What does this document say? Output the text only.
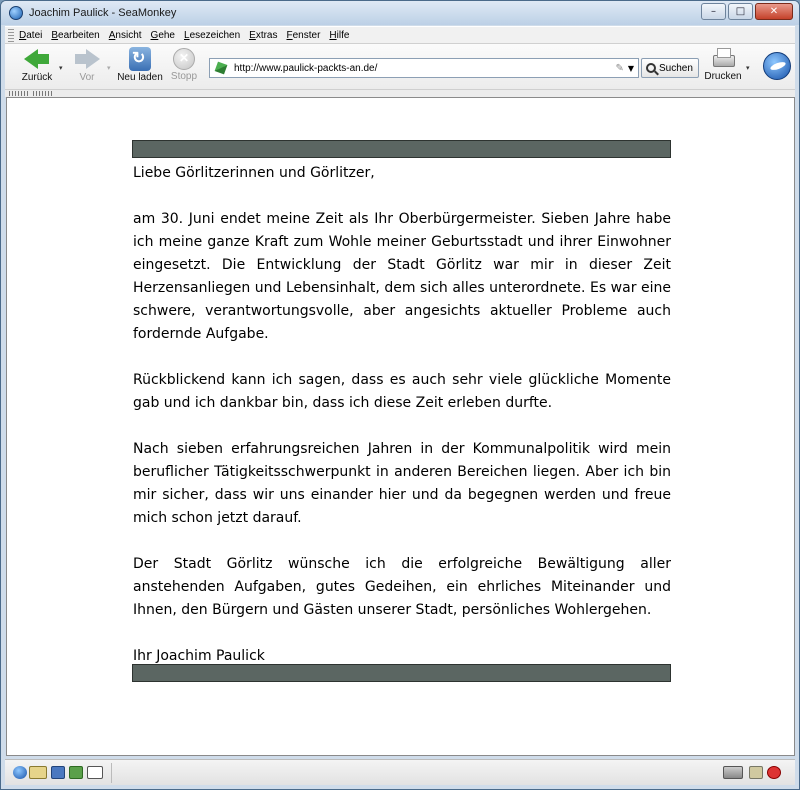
Joachim Paulick - SeaMonkey	–	□	✕
Datei Bearbeiten Ansicht Gehe Lesezeichen Extras Fenster Hilfe
Zurück
▾
Vor
▾
↻
Neu laden
✕ Stopp
http://www.paulick-packts-an.de/	✎ ▼	Suchen
Drucken
▾

Liebe Görlitzerinnen und Görlitzer,

am 30. Juni endet meine Zeit als Ihr Oberbürgermeister. Sieben Jahre habe ich meine ganze Kraft zum Wohle meiner Geburtsstadt und ihrer Einwohner eingesetzt. Die Entwicklung der Stadt Görlitz war mir in dieser Zeit Herzensanliegen und Lebensinhalt, dem sich alles unterordnete. Es war eine schwere, verantwortungsvolle, aber angesichts aktueller Probleme auch fordernde Aufgabe.

Rückblickend kann ich sagen, dass es auch sehr viele glückliche Momente gab und ich dankbar bin, dass ich diese Zeit erleben durfte.

Nach sieben erfahrungsreichen Jahren in der Kommunalpolitik wird mein beruflicher Tätigkeitsschwerpunkt in anderen Bereichen liegen. Aber ich bin mir sicher, dass wir uns einander hier und da begegnen werden und freue mich schon jetzt darauf.

Der Stadt Görlitz wünsche ich die erfolgreiche Bewältigung aller anstehenden Aufgaben, gutes Gedeihen, ein ehrliches Miteinander und Ihnen, den Bürgern und Gästen unserer Stadt, persönliches Wohlergehen.

Ihr Joachim Paulick
